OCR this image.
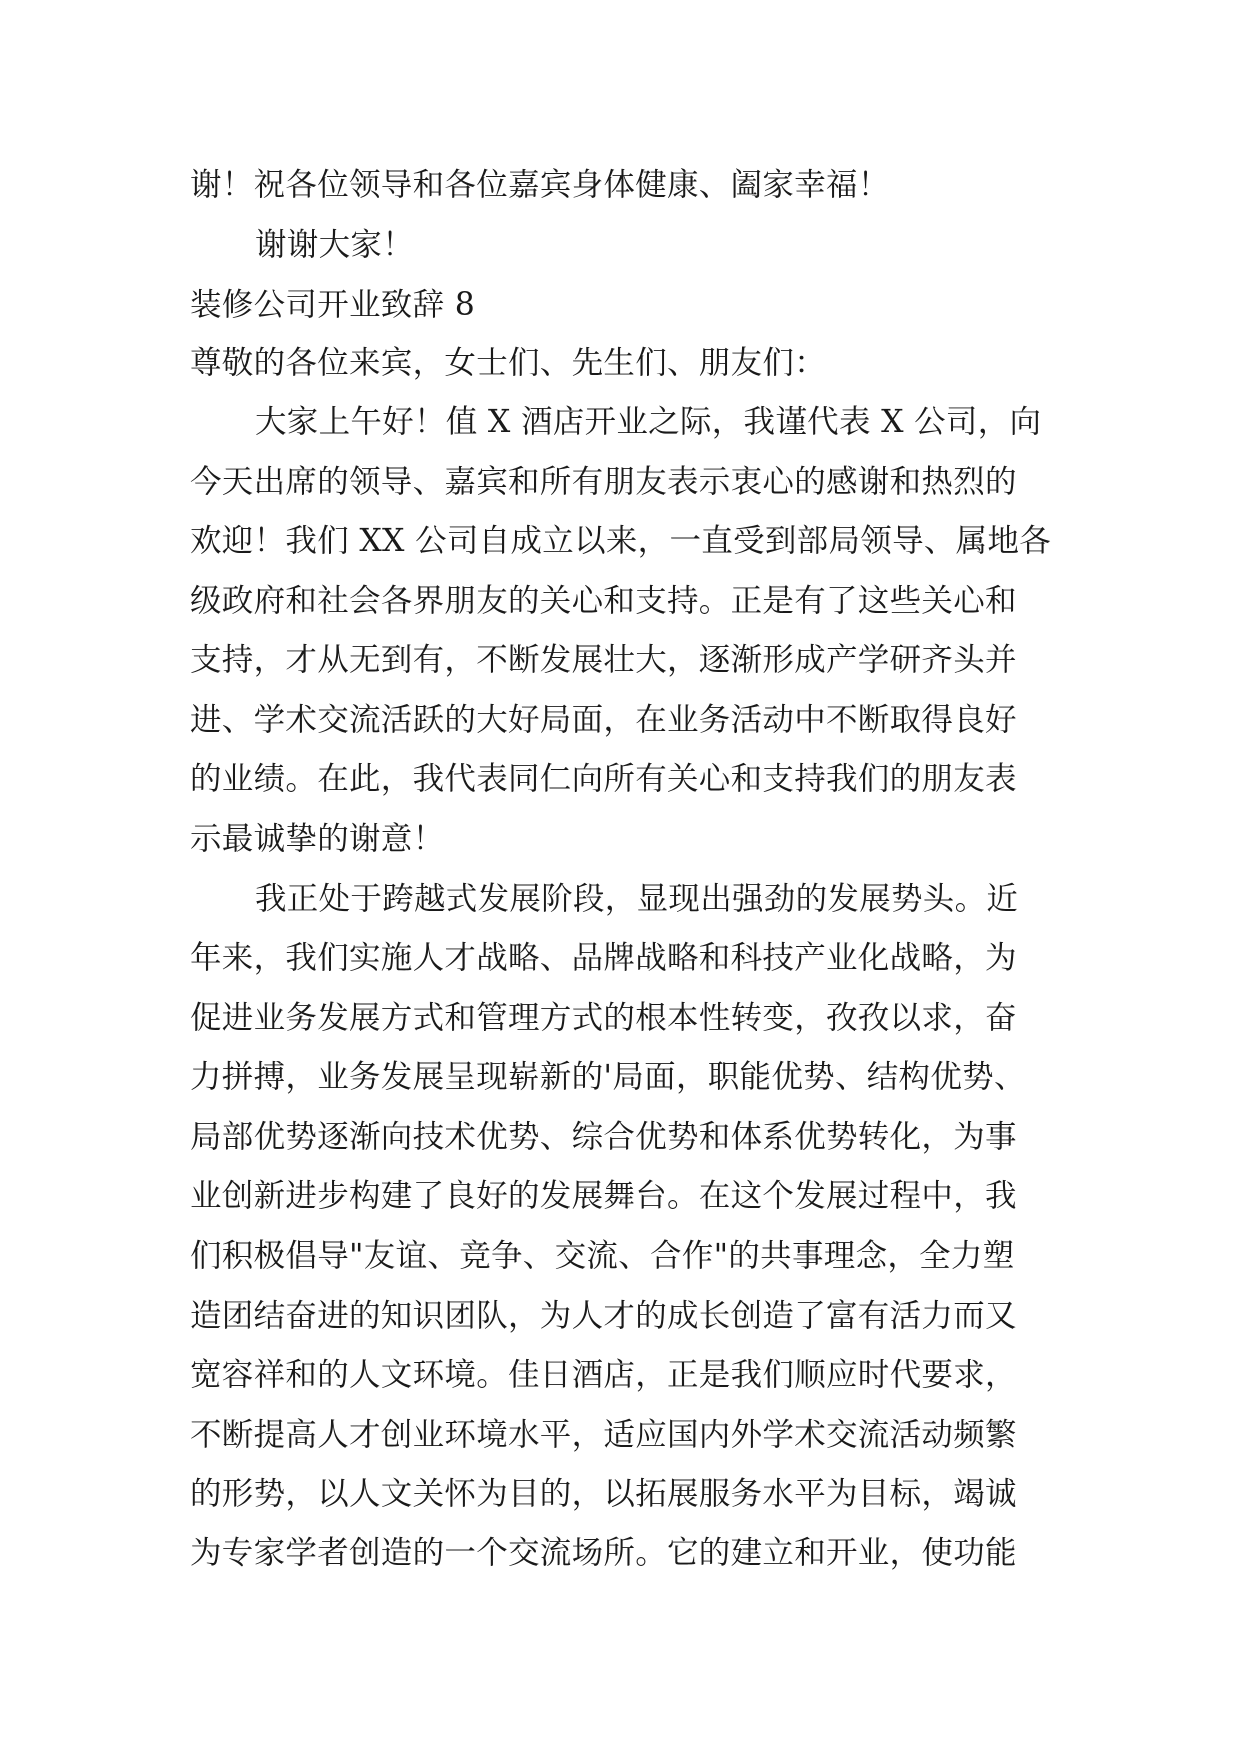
谢！祝各位领导和各位嘉宾身体健康、阖家幸福！
谢谢大家！
装修公司开业致辞 8
尊敬的各位来宾，女士们、先生们、朋友们：
大家上午好！值 X 酒店开业之际，我谨代表 X 公司，向
今天出席的领导、嘉宾和所有朋友表示衷心的感谢和热烈的
欢迎！我们 XX 公司自成立以来，一直受到部局领导、属地各
级政府和社会各界朋友的关心和支持。正是有了这些关心和
支持，才从无到有，不断发展壮大，逐渐形成产学研齐头并
进、学术交流活跃的大好局面，在业务活动中不断取得良好
的业绩。在此，我代表同仁向所有关心和支持我们的朋友表
示最诚挚的谢意！
我正处于跨越式发展阶段，显现出强劲的发展势头。近
年来，我们实施人才战略、品牌战略和科技产业化战略，为
促进业务发展方式和管理方式的根本性转变，孜孜以求，奋
力拼搏，业务发展呈现崭新的'局面，职能优势、结构优势、
局部优势逐渐向技术优势、综合优势和体系优势转化，为事
业创新进步构建了良好的发展舞台。在这个发展过程中，我
们积极倡导"友谊、竞争、交流、合作"的共事理念，全力塑
造团结奋进的知识团队，为人才的成长创造了富有活力而又
宽容祥和的人文环境。佳日酒店，正是我们顺应时代要求，
不断提高人才创业环境水平，适应国内外学术交流活动频繁
的形势，以人文关怀为目的，以拓展服务水平为目标，竭诚
为专家学者创造的一个交流场所。它的建立和开业，使功能
